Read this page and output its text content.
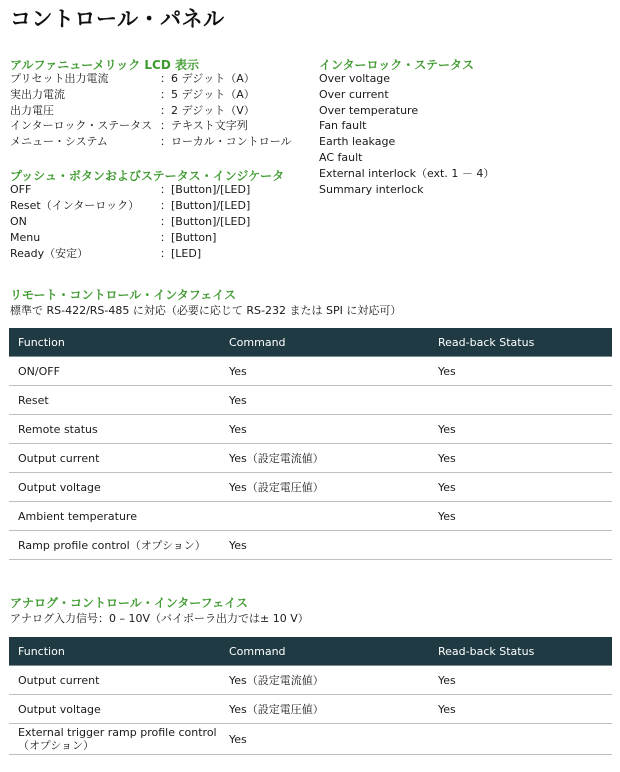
コントロール・パネル
アルファニューメリック LCD 表示
プリセット出力電流	：6 デジット（A）
実出力電流	：5 デジット（A）
出力電圧	：2 デジット（V）
インターロック・ステータス ：テキスト文字列
メニュー・システム	：ローカル・コントロール
プッシュ・ボタンおよびステータス・インジケータ
OFF	：[Button]/[LED]
Reset（インターロック） ：[Button]/[LED]
ON	：[Button]/[LED]
Menu	：[Button]
Ready（安定）	：[LED]
インターロック・ステータス
Over voltage
Over current
Over temperature
Fan fault
Earth leakage
AC fault
External interlock（ext. 1 － 4）
Summary interlock
リモート・コントロール・インタフェイス
標準で RS-422/RS-485 に対応（必要に応じて RS-232 または SPI に対応可）
Function	Command	Read-back Status
ON/OFF	Yes	Yes
Reset	Yes	
Remote status	Yes	Yes
Output current	Yes（設定電流値）	Yes
Output voltage	Yes（設定電圧値）	Yes
Ambient temperature		Yes
Ramp profile control（オプション）	Yes	
アナログ・コントロール・インターフェイス
アナログ入力信号：0 – 10V（バイポーラ出力では± 10 V）
Function	Command	Read-back Status
Output current	Yes（設定電流値）	Yes
Output voltage	Yes（設定電圧値）	Yes

External trigger ramp profile control
（オプション）	Yes	
